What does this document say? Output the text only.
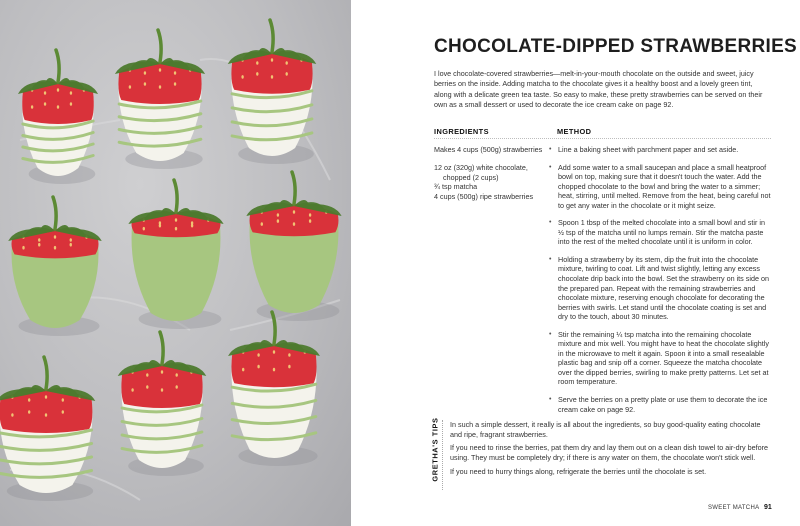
CHOCOLATE-DIPPED STRAWBERRIES

I love chocolate-covered strawberries—melt-in-your-mouth chocolate on the outside and sweet, juicy berries on the inside. Adding matcha to the chocolate gives it a healthy boost and a lovely green tint, along with a delicate green tea taste. So easy to make, these pretty strawberries can be served on their own as a small dessert or used to decorate the ice cream cake on page 92.

INGREDIENTS	METHOD

Makes 4 cups (500g) strawberries

12 oz (320g) white chocolate,
chopped (2 cups)
¾ tsp matcha
4 cups (500g) ripe strawberries
• Line a baking sheet with parchment paper and set aside.
• Add some water to a small saucepan and place a small heatproof bowl on top, making sure that it doesn't touch the water. Add the chopped chocolate to the bowl and bring the water to a simmer; heat, stirring, until melted. Remove from the heat, being careful not to get any water in the chocolate or it might seize.
• Spoon 1 tbsp of the melted chocolate into a small bowl and stir in ½ tsp of the matcha until no lumps remain. Stir the matcha paste into the rest of the melted chocolate until it is uniform in color.
• Holding a strawberry by its stem, dip the fruit into the chocolate mixture, twirling to coat. Lift and twist slightly, letting any excess chocolate drip back into the bowl. Set the strawberry on its side on the prepared pan. Repeat with the remaining strawberries and chocolate mixture, reserving enough chocolate for decorating the berries with swirls. Let stand until the chocolate coating is set and dry to the touch, about 30 minutes.
• Stir the remaining ¼ tsp matcha into the remaining chocolate mixture and mix well. You might have to heat the chocolate slightly in the microwave to melt it again. Spoon it into a small resealable plastic bag and snip off a corner. Squeeze the matcha chocolate over the dipped berries, swirling to make pretty patterns. Let set at room temperature.
• Serve the berries on a pretty plate or use them to decorate the ice cream cake on page 92.
GRETHA'S TIPS In such a simple dessert, it really is all about the ingredients, so buy good-quality eating chocolate and ripe, fragrant strawberries.

If you need to rinse the berries, pat them dry and lay them out on a clean dish towel to air-dry before using. They must be completely dry; if there is any water on them, the chocolate won't stick well.

If you need to hurry things along, refrigerate the berries until the chocolate is set.

SWEET MATCHA 91
